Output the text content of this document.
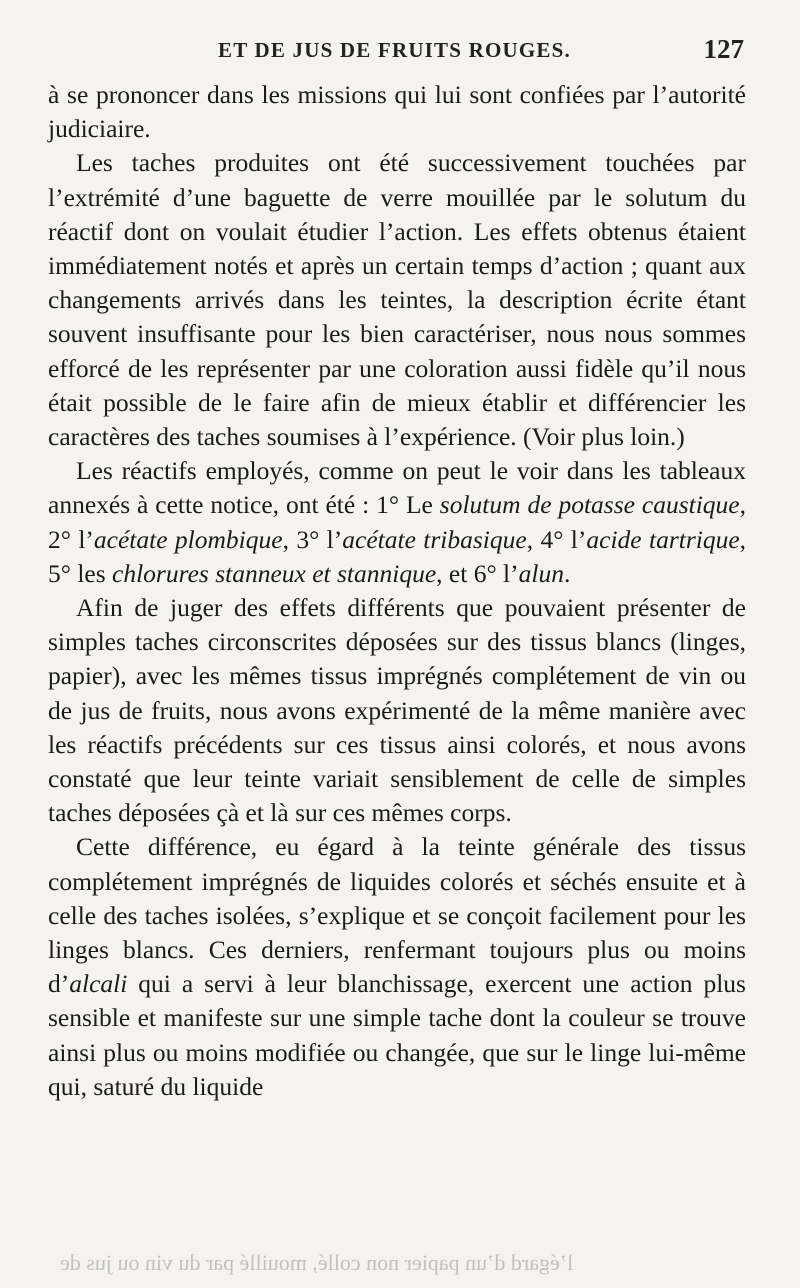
ET DE JUS DE FRUITS ROUGES.	127

à se prononcer dans les missions qui lui sont confiées par l’autorité judiciaire.

Les taches produites ont été successivement touchées par l’extrémité d’une baguette de verre mouillée par le solutum du réactif dont on voulait étudier l’action. Les effets obtenus étaient immédiatement notés et après un certain temps d’action ; quant aux changements arrivés dans les teintes, la description écrite étant souvent insuffisante pour les bien caractériser, nous nous sommes efforcé de les représenter par une coloration aussi fidèle qu’il nous était possible de le faire afin de mieux établir et différencier les caractères des taches soumises à l’expérience. (Voir plus loin.)

Les réactifs employés, comme on peut le voir dans les tableaux annexés à cette notice, ont été : 1° Le solutum de potasse caustique, 2° l’acétate plombique, 3° l’acétate tribasique, 4° l’acide tartrique, 5° les chlorures stanneux et stannique, et 6° l’alun.

Afin de juger des effets différents que pouvaient présenter de simples taches circonscrites déposées sur des tissus blancs (linges, papier), avec les mêmes tissus imprégnés complétement de vin ou de jus de fruits, nous avons expérimenté de la même manière avec les réactifs précédents sur ces tissus ainsi colorés, et nous avons constaté que leur teinte variait sensiblement de celle de simples taches déposées çà et là sur ces mêmes corps.

Cette différence, eu égard à la teinte générale des tissus complétement imprégnés de liquides colorés et séchés ensuite et à celle des taches isolées, s’explique et se conçoit facilement pour les linges blancs. Ces derniers, renfermant toujours plus ou moins d’alcali qui a servi à leur blanchissage, exercent une action plus sensible et manifeste sur une simple tache dont la couleur se trouve ainsi plus ou moins modifiée ou changée, que sur le linge lui-même qui, saturé du liquide

l’égard d’un papier non collé, mouillé par du vin ou jus de
